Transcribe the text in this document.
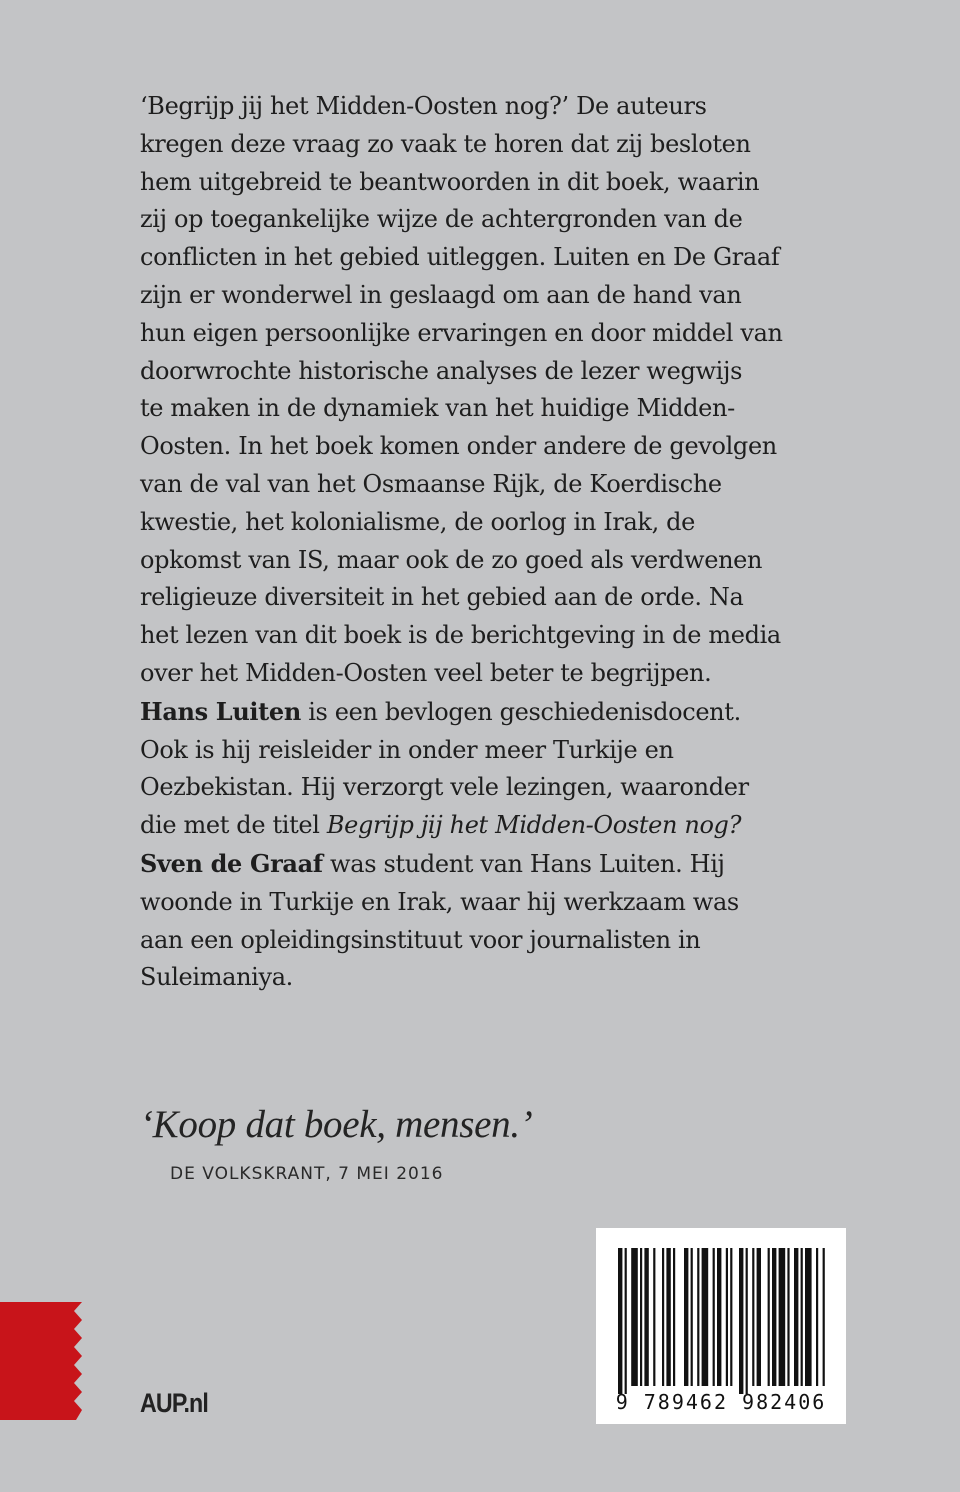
‘Begrijp jij het Midden-Oosten nog?’ De auteurs
kregen deze vraag zo vaak te horen dat zij besloten
hem uitgebreid te beantwoorden in dit boek, waarin
zij op toegankelijke wijze de achtergronden van de
conflicten in het gebied uitleggen. Luiten en De Graaf
zijn er wonderwel in geslaagd om aan de hand van
hun eigen persoonlijke ervaringen en door middel van
doorwrochte historische analyses de lezer wegwijs
te maken in de dynamiek van het huidige Midden-
Oosten. In het boek komen onder andere de gevolgen
van de val van het Osmaanse Rijk, de Koerdische
kwestie, het kolonialisme, de oorlog in Irak, de
opkomst van IS, maar ook de zo goed als verdwenen
religieuze diversiteit in het gebied aan de orde. Na
het lezen van dit boek is de berichtgeving in de media
over het Midden-Oosten veel beter te begrijpen.

Hans Luiten is een bevlogen geschiedenisdocent.
Ook is hij reisleider in onder meer Turkije en
Oezbekistan. Hij verzorgt vele lezingen, waaronder
die met de titel Begrijp jij het Midden-Oosten nog?

Sven de Graaf was student van Hans Luiten. Hij
woonde in Turkije en Irak, waar hij werkzaam was
aan een opleidingsinstituut voor journalisten in
Suleimaniya.

‘Koop dat boek, mensen.’
DE VOLKSKRANT, 7 MEI 2016
9 789462 982406
AUP.nl
